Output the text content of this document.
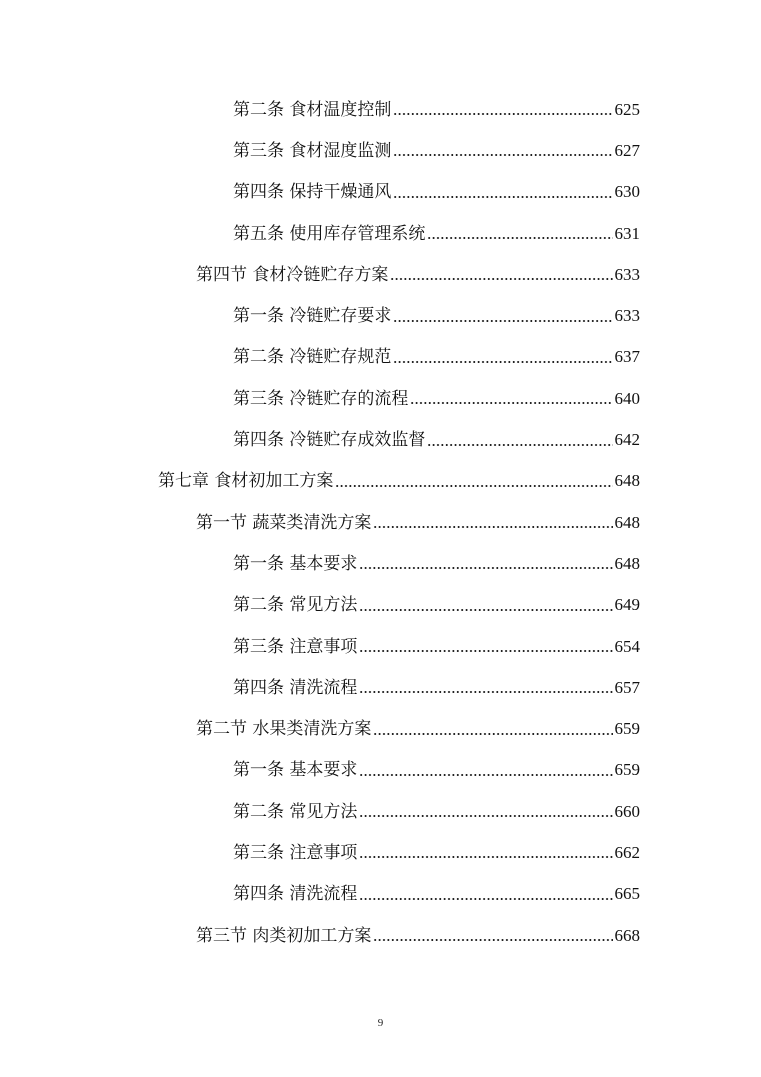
第二条 食材温度控制	625
第三条 食材湿度监测	627
第四条 保持干燥通风	630
第五条 使用库存管理系统	631
第四节 食材冷链贮存方案	633
第一条 冷链贮存要求	633
第二条 冷链贮存规范	637
第三条 冷链贮存的流程	640
第四条 冷链贮存成效监督	642
第七章 食材初加工方案	648
第一节 蔬菜类清洗方案	648
第一条 基本要求	648
第二条 常见方法	649
第三条 注意事项	654
第四条 清洗流程	657
第二节 水果类清洗方案	659
第一条 基本要求	659
第二条 常见方法	660
第三条 注意事项	662
第四条 清洗流程	665
第三节 肉类初加工方案	668
9
